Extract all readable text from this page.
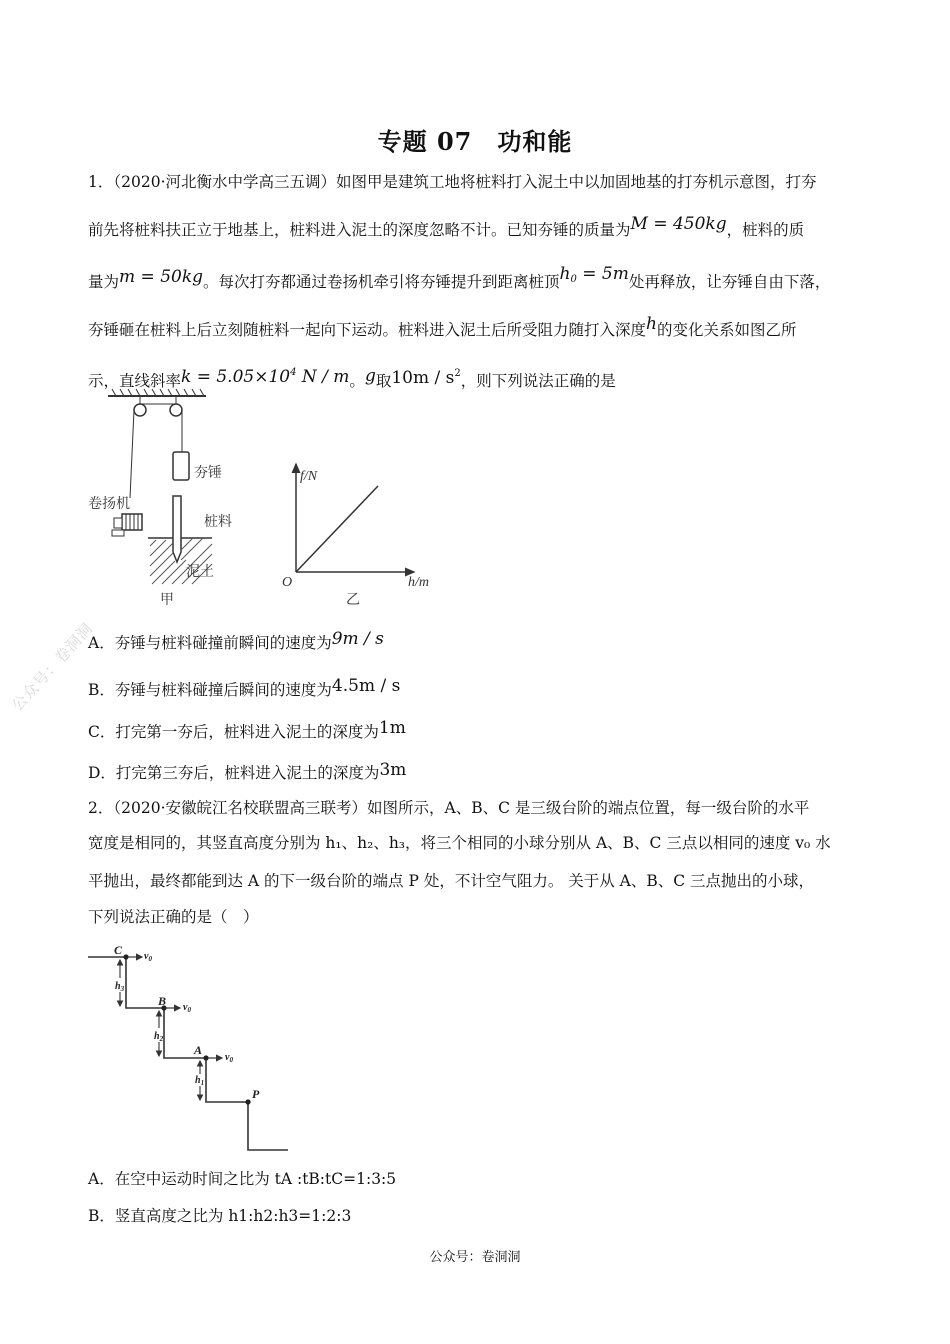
专题 07　功和能
1．（2020·河北衡水中学高三五调）如图甲是建筑工地将桩料打入泥土中以加固地基的打夯机示意图，打夯
前先将桩料扶正立于地基上，桩料进入泥土的深度忽略不计。已知夯锤的质量为M = 450kg，桩料的质
量为m = 50kg。每次打夯都通过卷扬机牵引将夯锤提升到距离桩顶$h_0 = 5m$处再释放，让夯锤自由下落，
夯锤砸在桩料上后立刻随桩料一起向下运动。桩料进入泥土后所受阻力随打入深度h的变化关系如图乙所
示，直线斜率$k = 5.05\times 10^4$ N / m。g取$10m / s^2$，则下列说法正确的是
夯锤
卷扬机
桩料
泥土
甲
f/N
h/m
O
乙
A．夯锤与桩料碰撞前瞬间的速度为9m / s
B．夯锤与桩料碰撞后瞬间的速度为4.5m / s
C．打完第一夯后，桩料进入泥土的深度为1m
D．打完第三夯后，桩料进入泥土的深度为3m
2．（2020·安徽皖江名校联盟高三联考）如图所示，A、B、C 是三级台阶的端点位置，每一级台阶的水平
宽度是相同的，其竖直高度分别为 h₁、h₂、h₃，将三个相同的小球分别从 A、B、C 三点以相同的速度 v₀ 水
平抛出，最终都能到达 A 的下一级台阶的端点 P 处，不计空气阻力。 关于从 A、B、C 三点抛出的小球，
下列说法正确的是（　）
C
B
A
P
$v_0$
$v_0$
$v_0$
$h_3$
$h_2$
$h_1$
A．在空中运动时间之比为 tA :tB:tC=1:3:5
B．竖直高度之比为 h1:h2:h3=1:2:3
公众号：卷洞洞
公众号：卷洞洞
